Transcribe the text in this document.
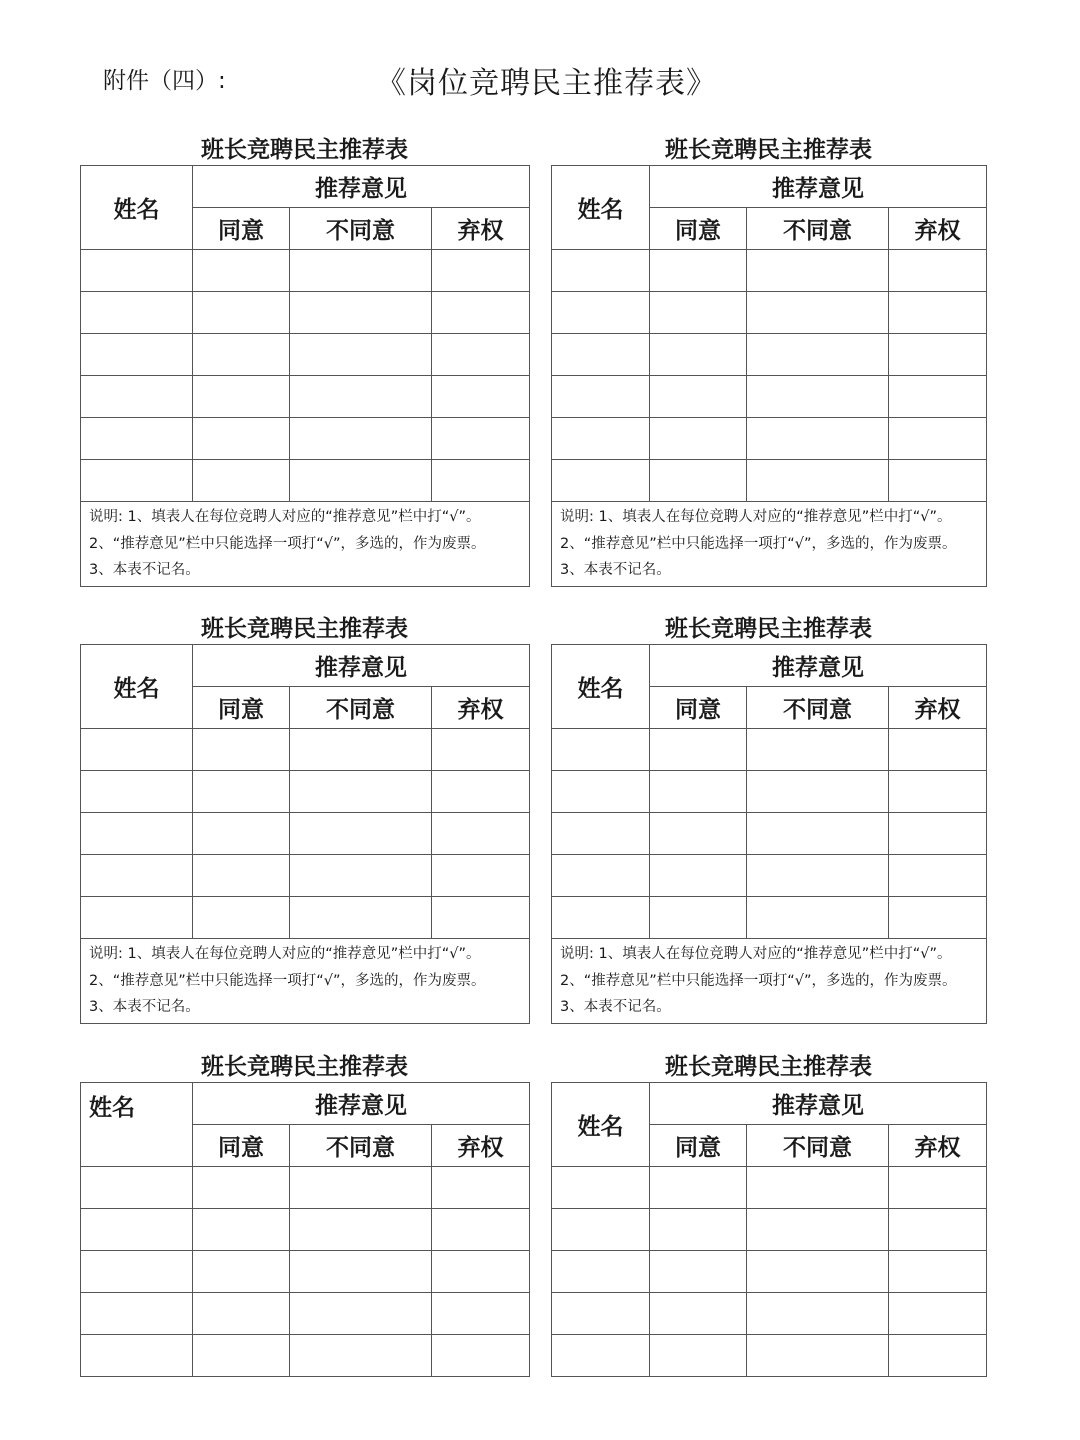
附件（四）:	《岗位竞聘民主推荐表》
班长竞聘民主推荐表
姓名	推荐意见		
	同意	不同意	弃权

说明: 1、填表人在每位竞聘人对应的“推荐意见”栏中打“√”。
2、“推荐意见”栏中只能选择一项打“√”，多选的，作为废票。
3、本表不记名。			
班长竞聘民主推荐表
姓名	推荐意见		
	同意	不同意	弃权

说明: 1、填表人在每位竞聘人对应的“推荐意见”栏中打“√”。
2、“推荐意见”栏中只能选择一项打“√”，多选的，作为废票。
3、本表不记名。			
班长竞聘民主推荐表
姓名	推荐意见		
	同意	不同意	弃权

说明: 1、填表人在每位竞聘人对应的“推荐意见”栏中打“√”。
2、“推荐意见”栏中只能选择一项打“√”，多选的，作为废票。
3、本表不记名。			
班长竞聘民主推荐表
姓名	推荐意见		
	同意	不同意	弃权

说明: 1、填表人在每位竞聘人对应的“推荐意见”栏中打“√”。
2、“推荐意见”栏中只能选择一项打“√”，多选的，作为废票。
3、本表不记名。			
班长竞聘民主推荐表
姓名	推荐意见		
	同意	不同意	弃权

班长竞聘民主推荐表
姓名	推荐意见		
	同意	不同意	弃权
